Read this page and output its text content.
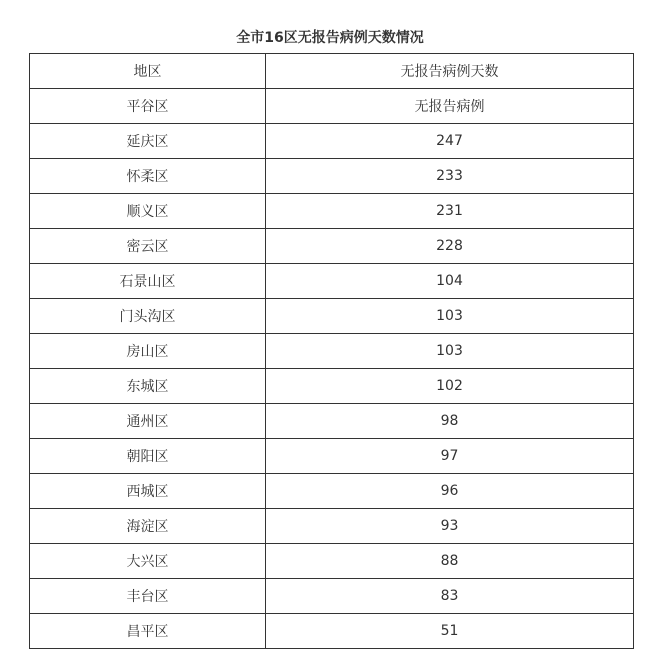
全市16区无报告病例天数情况
地区	无报告病例天数
平谷区	无报告病例
延庆区	247
怀柔区	233
顺义区	231
密云区	228
石景山区	104
门头沟区	103
房山区	103
东城区	102
通州区	98
朝阳区	97
西城区	96
海淀区	93
大兴区	88
丰台区	83
昌平区	51
